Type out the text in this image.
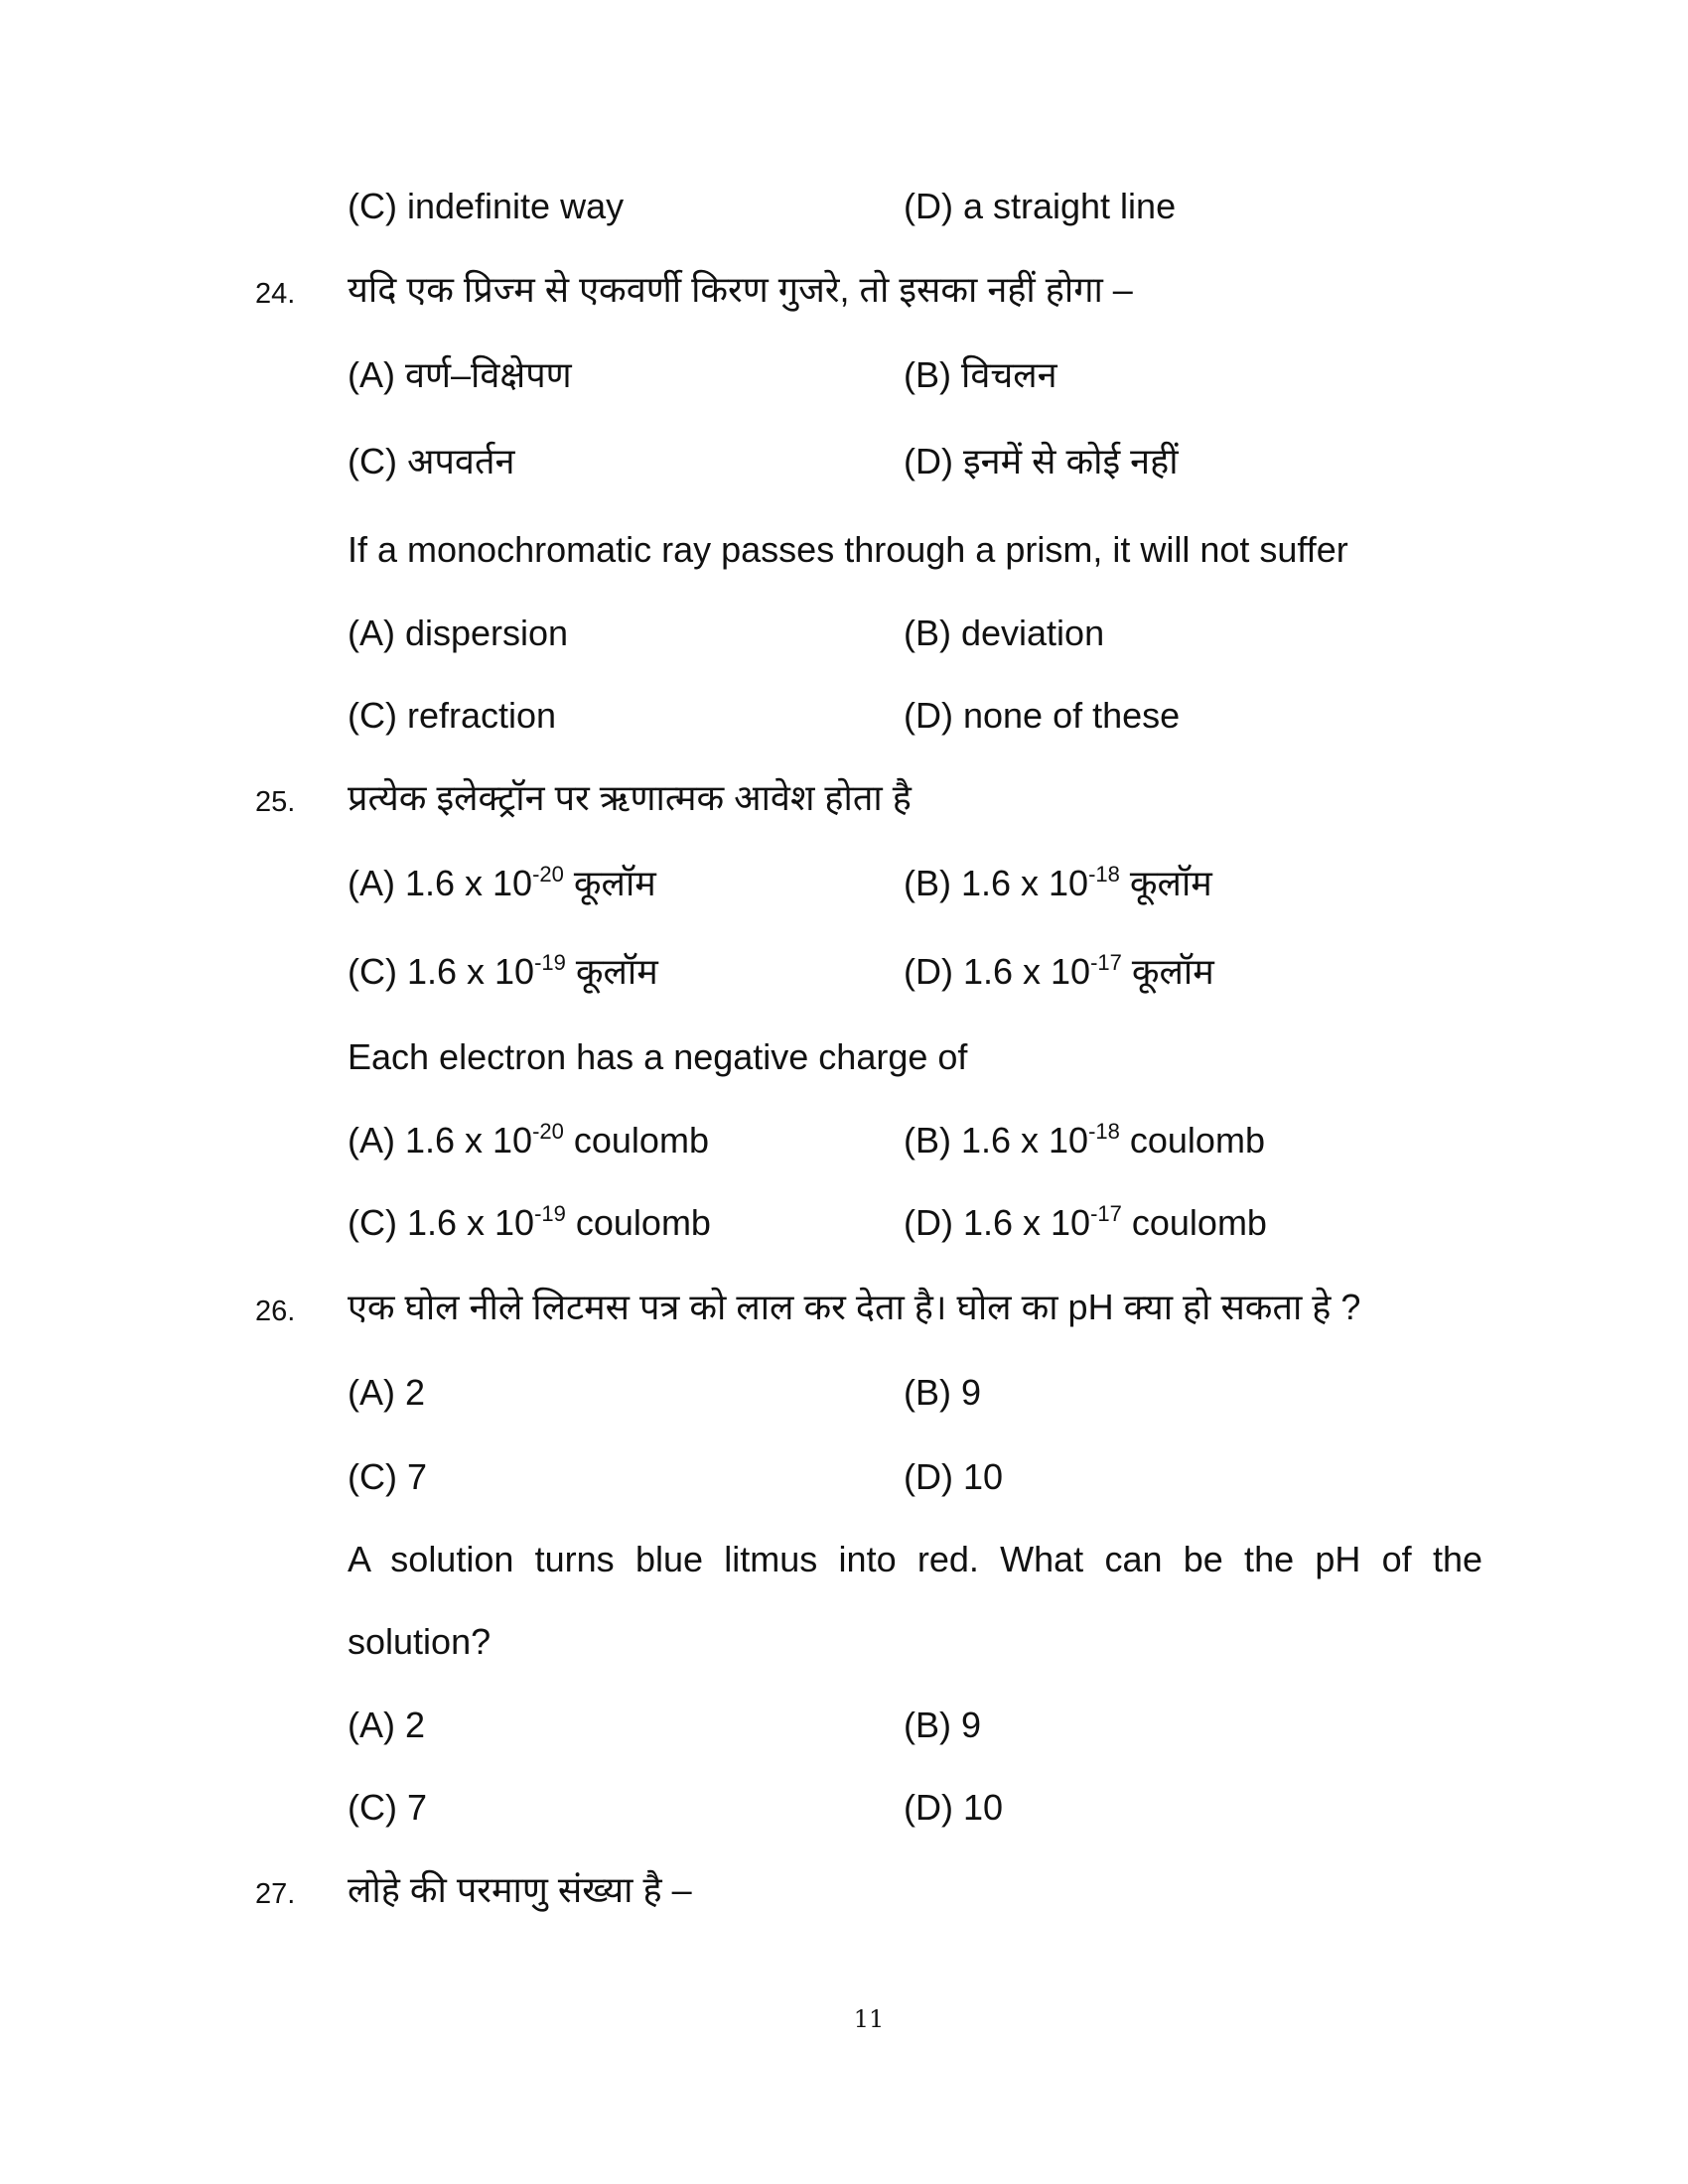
(C) indefinite way	(D) a straight line
24. यदि एक प्रिज्म से एकवर्णी किरण गुजरे, तो इसका नहीं होगा –
(A) वर्ण–विक्षेपण	(B) विचलन
(C) अपवर्तन	(D) इनमें से कोई नहीं
If a monochromatic ray passes through a prism, it will not suffer
(A) dispersion	(B) deviation
(C) refraction	(D) none of these
25. प्रत्येक इलेक्ट्रॉन पर ऋणात्मक आवेश होता है
(A) 1.6 x $10^{-20}$ कूलॉम	(B) 1.6 x $10^{-18}$ कूलॉम
(C) 1.6 x $10^{-19}$ कूलॉम	(D) 1.6 x $10^{-17}$ कूलॉम
Each electron has a negative charge of
(A) 1.6 x $10^{-20}$ coulomb	(B) 1.6 x $10^{-18}$ coulomb
(C) 1.6 x $10^{-19}$ coulomb	(D) 1.6 x $10^{-17}$ coulomb
26. एक घोल नीले लिटमस पत्र को लाल कर देता है। घोल का pH क्या हो सकता हे ?
(A) 2	(B) 9
(C) 7	(D) 10
A solution turns blue litmus into red. What can be the pH of the
solution?
(A) 2	(B) 9
(C) 7	(D) 10
27. लोहे की परमाणु संख्या है –
11
